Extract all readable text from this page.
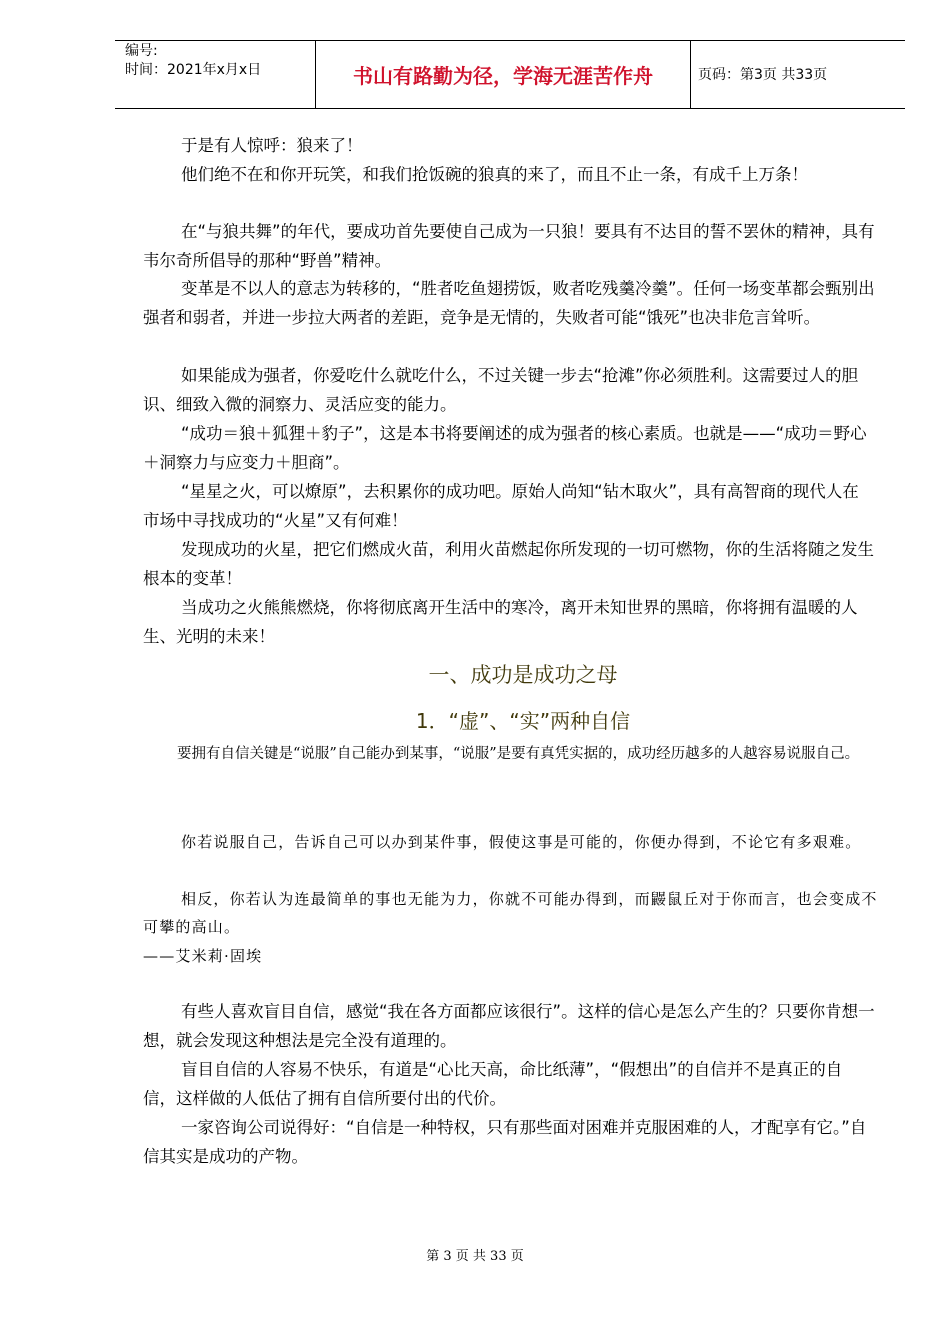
编号:
时间：2021年x月x日	书山有路勤为径，学海无涯苦作舟	页码：第3页 共33页
于是有人惊呼：狼来了！
他们绝不在和你开玩笑，和我们抢饭碗的狼真的来了，而且不止一条，有成千上万条！
在“与狼共舞”的年代，要成功首先要使自己成为一只狼！要具有不达目的誓不罢休的精神，具有韦尔奇所倡导的那种“野兽”精神。
变革是不以人的意志为转移的，“胜者吃鱼翅捞饭，败者吃残羹冷羹”。任何一场变革都会甄别出强者和弱者，并进一步拉大两者的差距，竞争是无情的，失败者可能“饿死”也决非危言耸听。
如果能成为强者，你爱吃什么就吃什么，不过关键一步去“抢滩”你必须胜利。这需要过人的胆识、细致入微的洞察力、灵活应变的能力。
“成功＝狼＋狐狸＋豹子”，这是本书将要阐述的成为强者的核心素质。也就是——“成功＝野心＋洞察力与应变力＋胆商”。
“星星之火，可以燎原”，去积累你的成功吧。原始人尚知“钻木取火”，具有高智商的现代人在市场中寻找成功的“火星”又有何难！
发现成功的火星，把它们燃成火苗，利用火苗燃起你所发现的一切可燃物，你的生活将随之发生根本的变革！
当成功之火熊熊燃烧，你将彻底离开生活中的寒冷，离开未知世界的黑暗，你将拥有温暖的人生、光明的未来！
一、成功是成功之母
1．“虚”、“实”两种自信
要拥有自信关键是“说服”自己能办到某事，“说服”是要有真凭实据的，成功经历越多的人越容易说服自己。
你若说服自己，告诉自己可以办到某件事，假使这事是可能的，你便办得到，不论它有多艰难。
相反，你若认为连最简单的事也无能为力，你就不可能办得到，而鼹鼠丘对于你而言，也会变成不可攀的高山。
——艾米莉·固埃
有些人喜欢盲目自信，感觉“我在各方面都应该很行”。这样的信心是怎么产生的？只要你肯想一想，就会发现这种想法是完全没有道理的。
盲目自信的人容易不快乐，有道是“心比天高，命比纸薄”，“假想出”的自信并不是真正的自信，这样做的人低估了拥有自信所要付出的代价。
一家咨询公司说得好：“自信是一种特权，只有那些面对困难并克服困难的人，才配享有它。”自信其实是成功的产物。
第 3 页 共 33 页
